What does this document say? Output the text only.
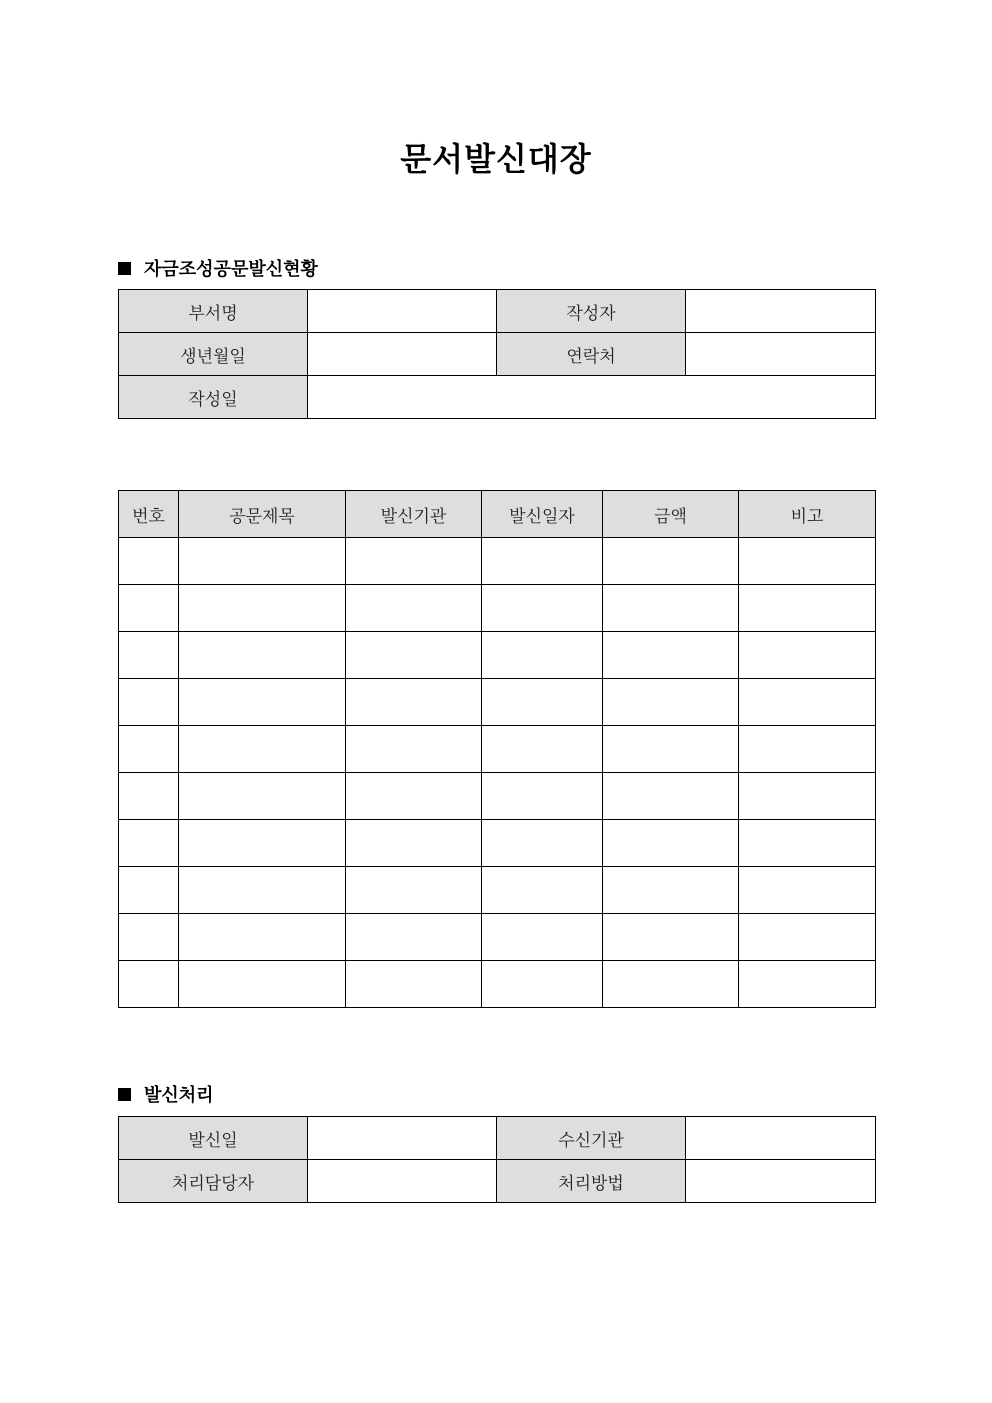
문서발신대장
자금조성공문발신현황
부서명		작성자	
생년월일		연락처	
작성일			
번호	공문제목	발신기관	발신일자	금액	비고

발신처리
발신일		수신기관	
처리담당자		처리방법	
